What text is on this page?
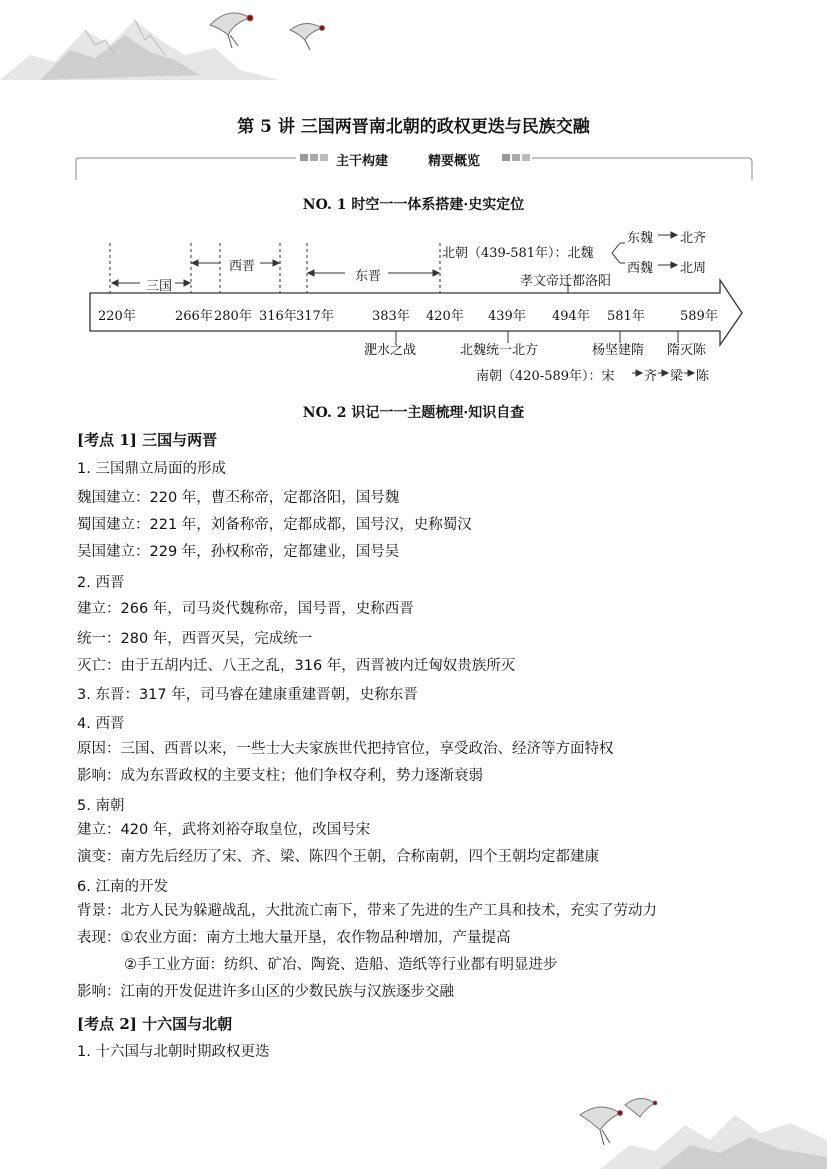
第 5 讲 三国两晋南北朝的政权更迭与民族交融
主干构建	精要概览
NO. 1 时空一一体系搭建·史实定位
220年	266年 280年 316年 317年	383年 420年 439年 494年 581年	589年
三国
西晋
东晋
北朝（439-581年）：北魏
东魏 北齐
西魏 北周
孝文帝迁都洛阳
淝水之战	北魏统一北方	杨坚建隋 隋灭陈
南朝（420-589年）：宋 齐 梁 陈
NO. 2 识记一一主题梳理·知识自查
[考点 1] 三国与两晋
1. 三国鼎立局面的形成
魏国建立：220 年，曹丕称帝，定都洛阳，国号魏
蜀国建立：221 年，刘备称帝，定都成都，国号汉，史称蜀汉
吴国建立：229 年，孙权称帝，定都建业，国号吴
2. 西晋
建立：266 年，司马炎代魏称帝，国号晋，史称西晋
统一：280 年，西晋灭吴，完成统一
灭亡：由于五胡内迁、八王之乱，316 年，西晋被内迁匈奴贵族所灭
3. 东晋：317 年，司马睿在建康重建晋朝，史称东晋
4. 西晋
原因：三国、西晋以来，一些士大夫家族世代把持官位，享受政治、经济等方面特权
影响：成为东晋政权的主要支柱；他们争权夺利，势力逐渐衰弱
5. 南朝
建立：420 年，武将刘裕夺取皇位，改国号宋
演变：南方先后经历了宋、齐、梁、陈四个王朝，合称南朝，四个王朝均定都建康
6. 江南的开发
背景：北方人民为躲避战乱，大批流亡南下，带来了先进的生产工具和技术，充实了劳动力
表现：①农业方面：南方土地大量开垦，农作物品种增加，产量提高
②手工业方面：纺织、矿冶、陶瓷、造船、造纸等行业都有明显进步
影响：江南的开发促进许多山区的少数民族与汉族逐步交融
[考点 2] 十六国与北朝
1. 十六国与北朝时期政权更迭
